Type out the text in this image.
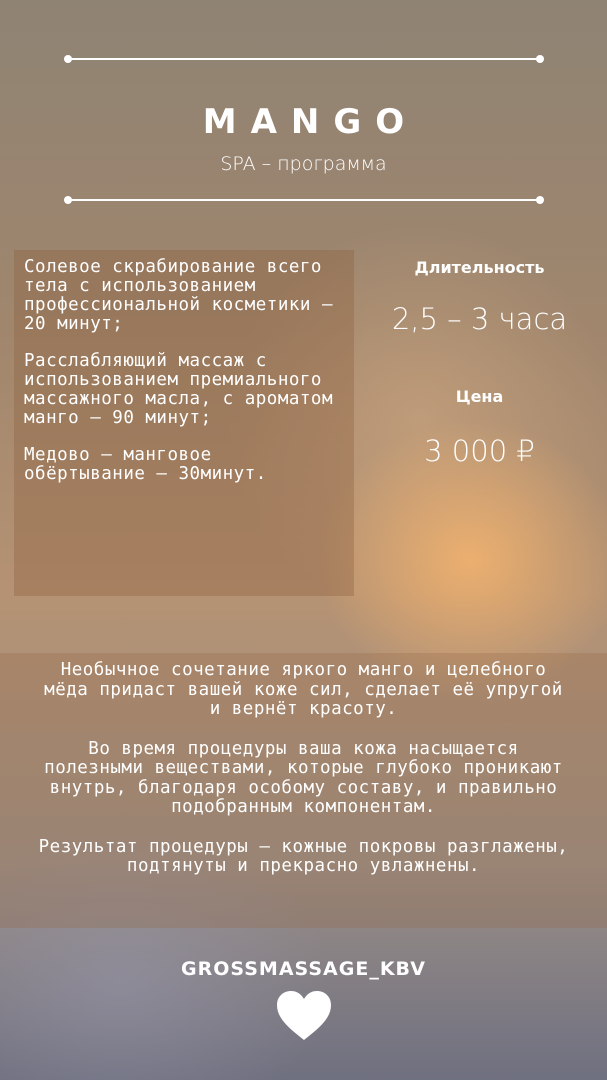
MANGO
SPA – программа

Солевое скрабирование всего тела с использованием профессиональной косметики – 20 минут;

Расслабляющий массаж с использованием премиального массажного масла, с ароматом манго – 90 минут;

Медово – манговое обёртывание – 30минут.

Длительность
2,5 – 3 часа
Цена
3 000 ₽

Необычное сочетание яркого манго и целебного мёда придаст вашей коже сил, сделает её упругой и вернёт красоту.

Во время процедуры ваша кожа насыщается полезными веществами, которые глубоко проникают внутрь, благодаря особому составу, и правильно подобранным компонентам.

Результат процедуры – кожные покровы разглажены, подтянуты и прекрасно увлажнены.

GROSSMASSAGE_KBV
